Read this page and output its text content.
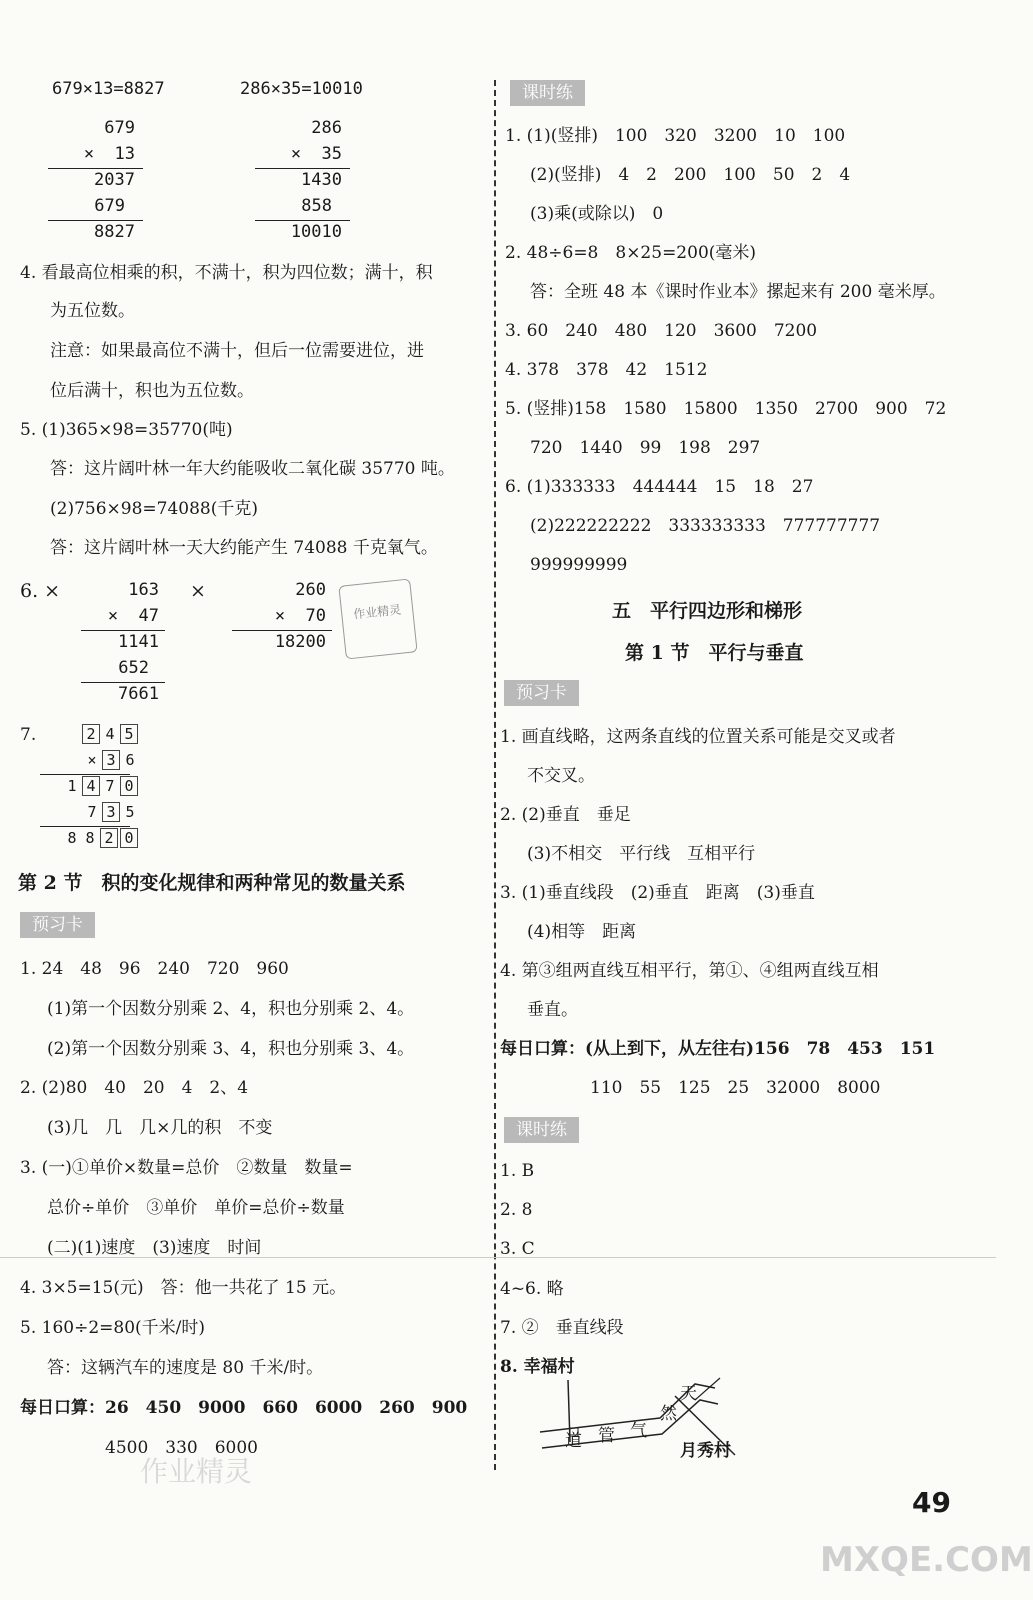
679×13=8827	286×35=10010
679
×  13
2037
679
8827
286
×  35
1430
858
10010
4. 看最高位相乘的积，不满十，积为四位数；满十，积
为五位数。
注意：如果最高位不满十，但后一位需要进位，进
位后满十，积也为五位数。
5. (1)365×98=35770(吨)
答：这片阔叶林一年大约能吸收二氧化碳 35770 吨。
(2)756×98=74088(千克)
答：这片阔叶林一天大约能产生 74088 千克氧气。
6. ×	×
163
×  47
1141
652
7661
260
×  70
18200
作业精灵
7.	2 4 5
× 3 6
1 4 7 0
7 3 5
8 8 2 0
第 2 节　积的变化规律和两种常见的数量关系
预习卡
1. 24　48　96　240　720　960
(1)第一个因数分别乘 2、4，积也分别乘 2、4。
(2)第一个因数分别乘 3、4，积也分别乘 3、4。
2. (2)80　40　20　4　2、4
(3)几　几　几×几的积　不变
3. (一)①单价×数量=总价　②数量　数量=
总价÷单价　③单价　单价=总价÷数量
(二)(1)速度　(3)速度　时间
4. 3×5=15(元)　答：他一共花了 15 元。
5. 160÷2=80(千米/时)
答：这辆汽车的速度是 80 千米/时。
每日口算：26　450　9000　660　6000　260　900
4500　330　6000
作业精灵
课时练
1. (1)(竖排)　100　320　3200　10　100
(2)(竖排)　4　2　200　100　50　2　4
(3)乘(或除以)　0
2. 48÷6=8　8×25=200(毫米)
答：全班 48 本《课时作业本》摞起来有 200 毫米厚。
3. 60　240　480　120　3600　7200
4. 378　378　42　1512
5. (竖排)158　1580　15800　1350　2700　900　72
720　1440　99　198　297
6. (1)333333　444444　15　18　27
(2)222222222　333333333　777777777
999999999
五　平行四边形和梯形
第 1 节　平行与垂直
预习卡
1. 画直线略，这两条直线的位置关系可能是交叉或者
不交叉。
2. (2)垂直　垂足
(3)不相交　平行线　互相平行
3. (1)垂直线段　(2)垂直　距离　(3)垂直
(4)相等　距离
4. 第③组两直线互相平行，第①、④组两直线互相
垂直。
每日口算：(从上到下，从左往右)156　78　453　151
110　55　125　25　32000　8000
课时练
1. B
2. 8
3. C
4~6. 略
7. ②　垂直线段
8. 幸福村
道 管 气
然
天
月秀村
49
MXQE.COM
